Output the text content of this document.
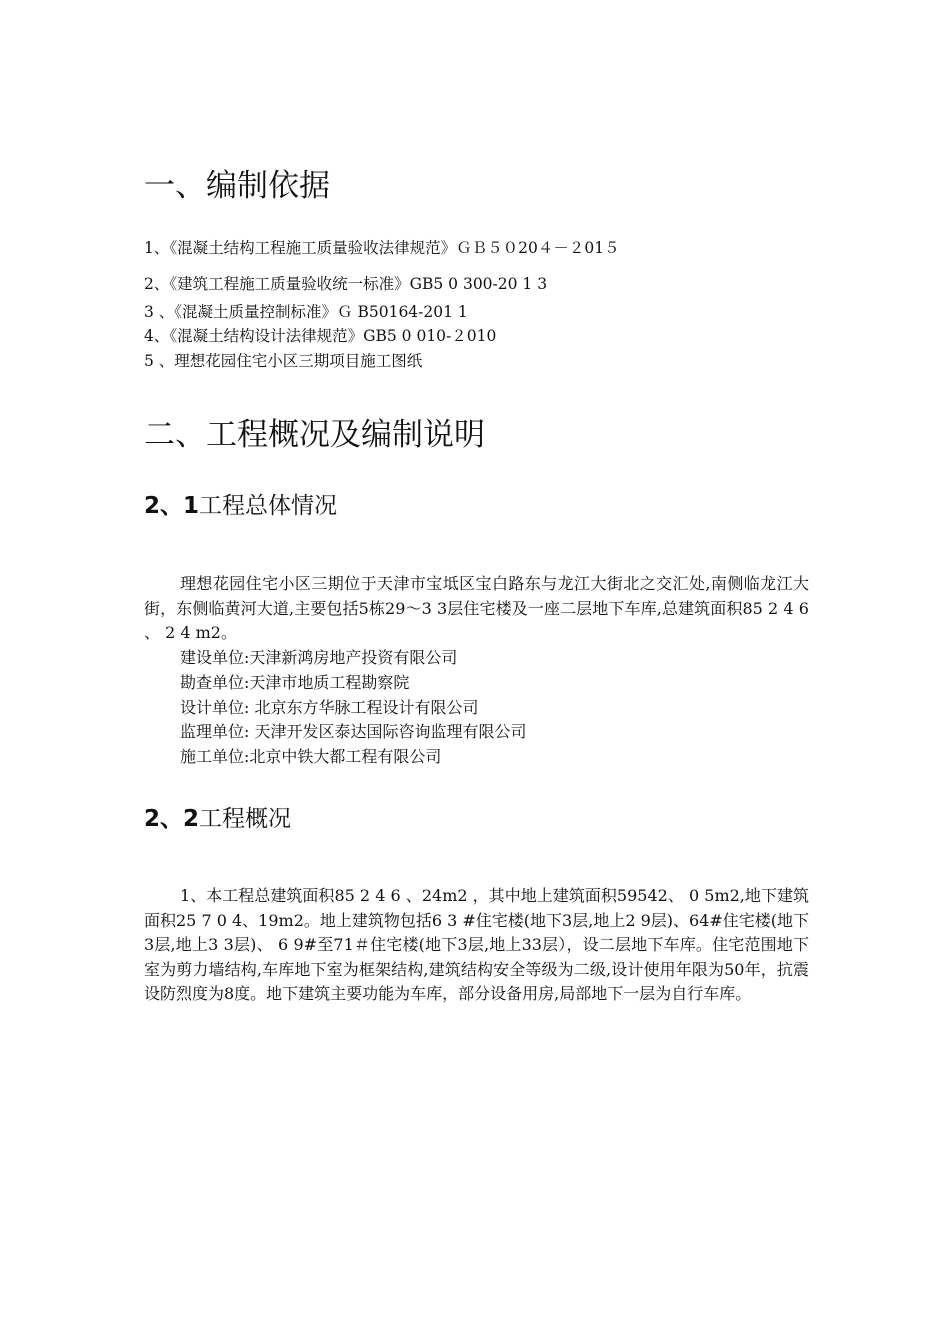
一、编制依据
1、《混凝土结构工程施工质量验收法律规范》ＧＢ５０20４－２01５
2、《建筑工程施工质量验收统一标准》GB5 0 300-20 1 3
3 、《混凝土质量控制标准》Ｇ B50164-201 1
4、《混凝土结构设计法律规范》GB5 0 010-２010
5 、理想花园住宅小区三期项目施工图纸
二、工程概况及编制说明
2、1工程总体情况

理想花园住宅小区三期位于天津市宝坻区宝白路东与龙江大街北之交汇处,南侧临龙江大街，东侧临黄河大道,主要包括5栋29～3 3层住宅楼及一座二层地下车库,总建筑面积85 2 4 6 、 2 4 m2。

建设单位:天津新鸿房地产投资有限公司
勘查单位:天津市地质工程勘察院
设计单位: 北京东方华脉工程设计有限公司
监理单位: 天津开发区泰达国际咨询监理有限公司
施工单位:北京中铁大都工程有限公司
2、2工程概况

1、本工程总建筑面积85 2 4 6 、24m2 ，其中地上建筑面积59542、 0 5m2,地下建筑面积25 7 0 4、19m2。地上建筑物包括6 3 #住宅楼(地下3层,地上2 9层)、64#住宅楼(地下3层,地上3 3层)、 6 9#至71＃住宅楼(地下3层,地上33层），设二层地下车库。住宅范围地下室为剪力墙结构,车库地下室为框架结构,建筑结构安全等级为二级,设计使用年限为50年，抗震设防烈度为8度。地下建筑主要功能为车库，部分设备用房,局部地下一层为自行车库。
